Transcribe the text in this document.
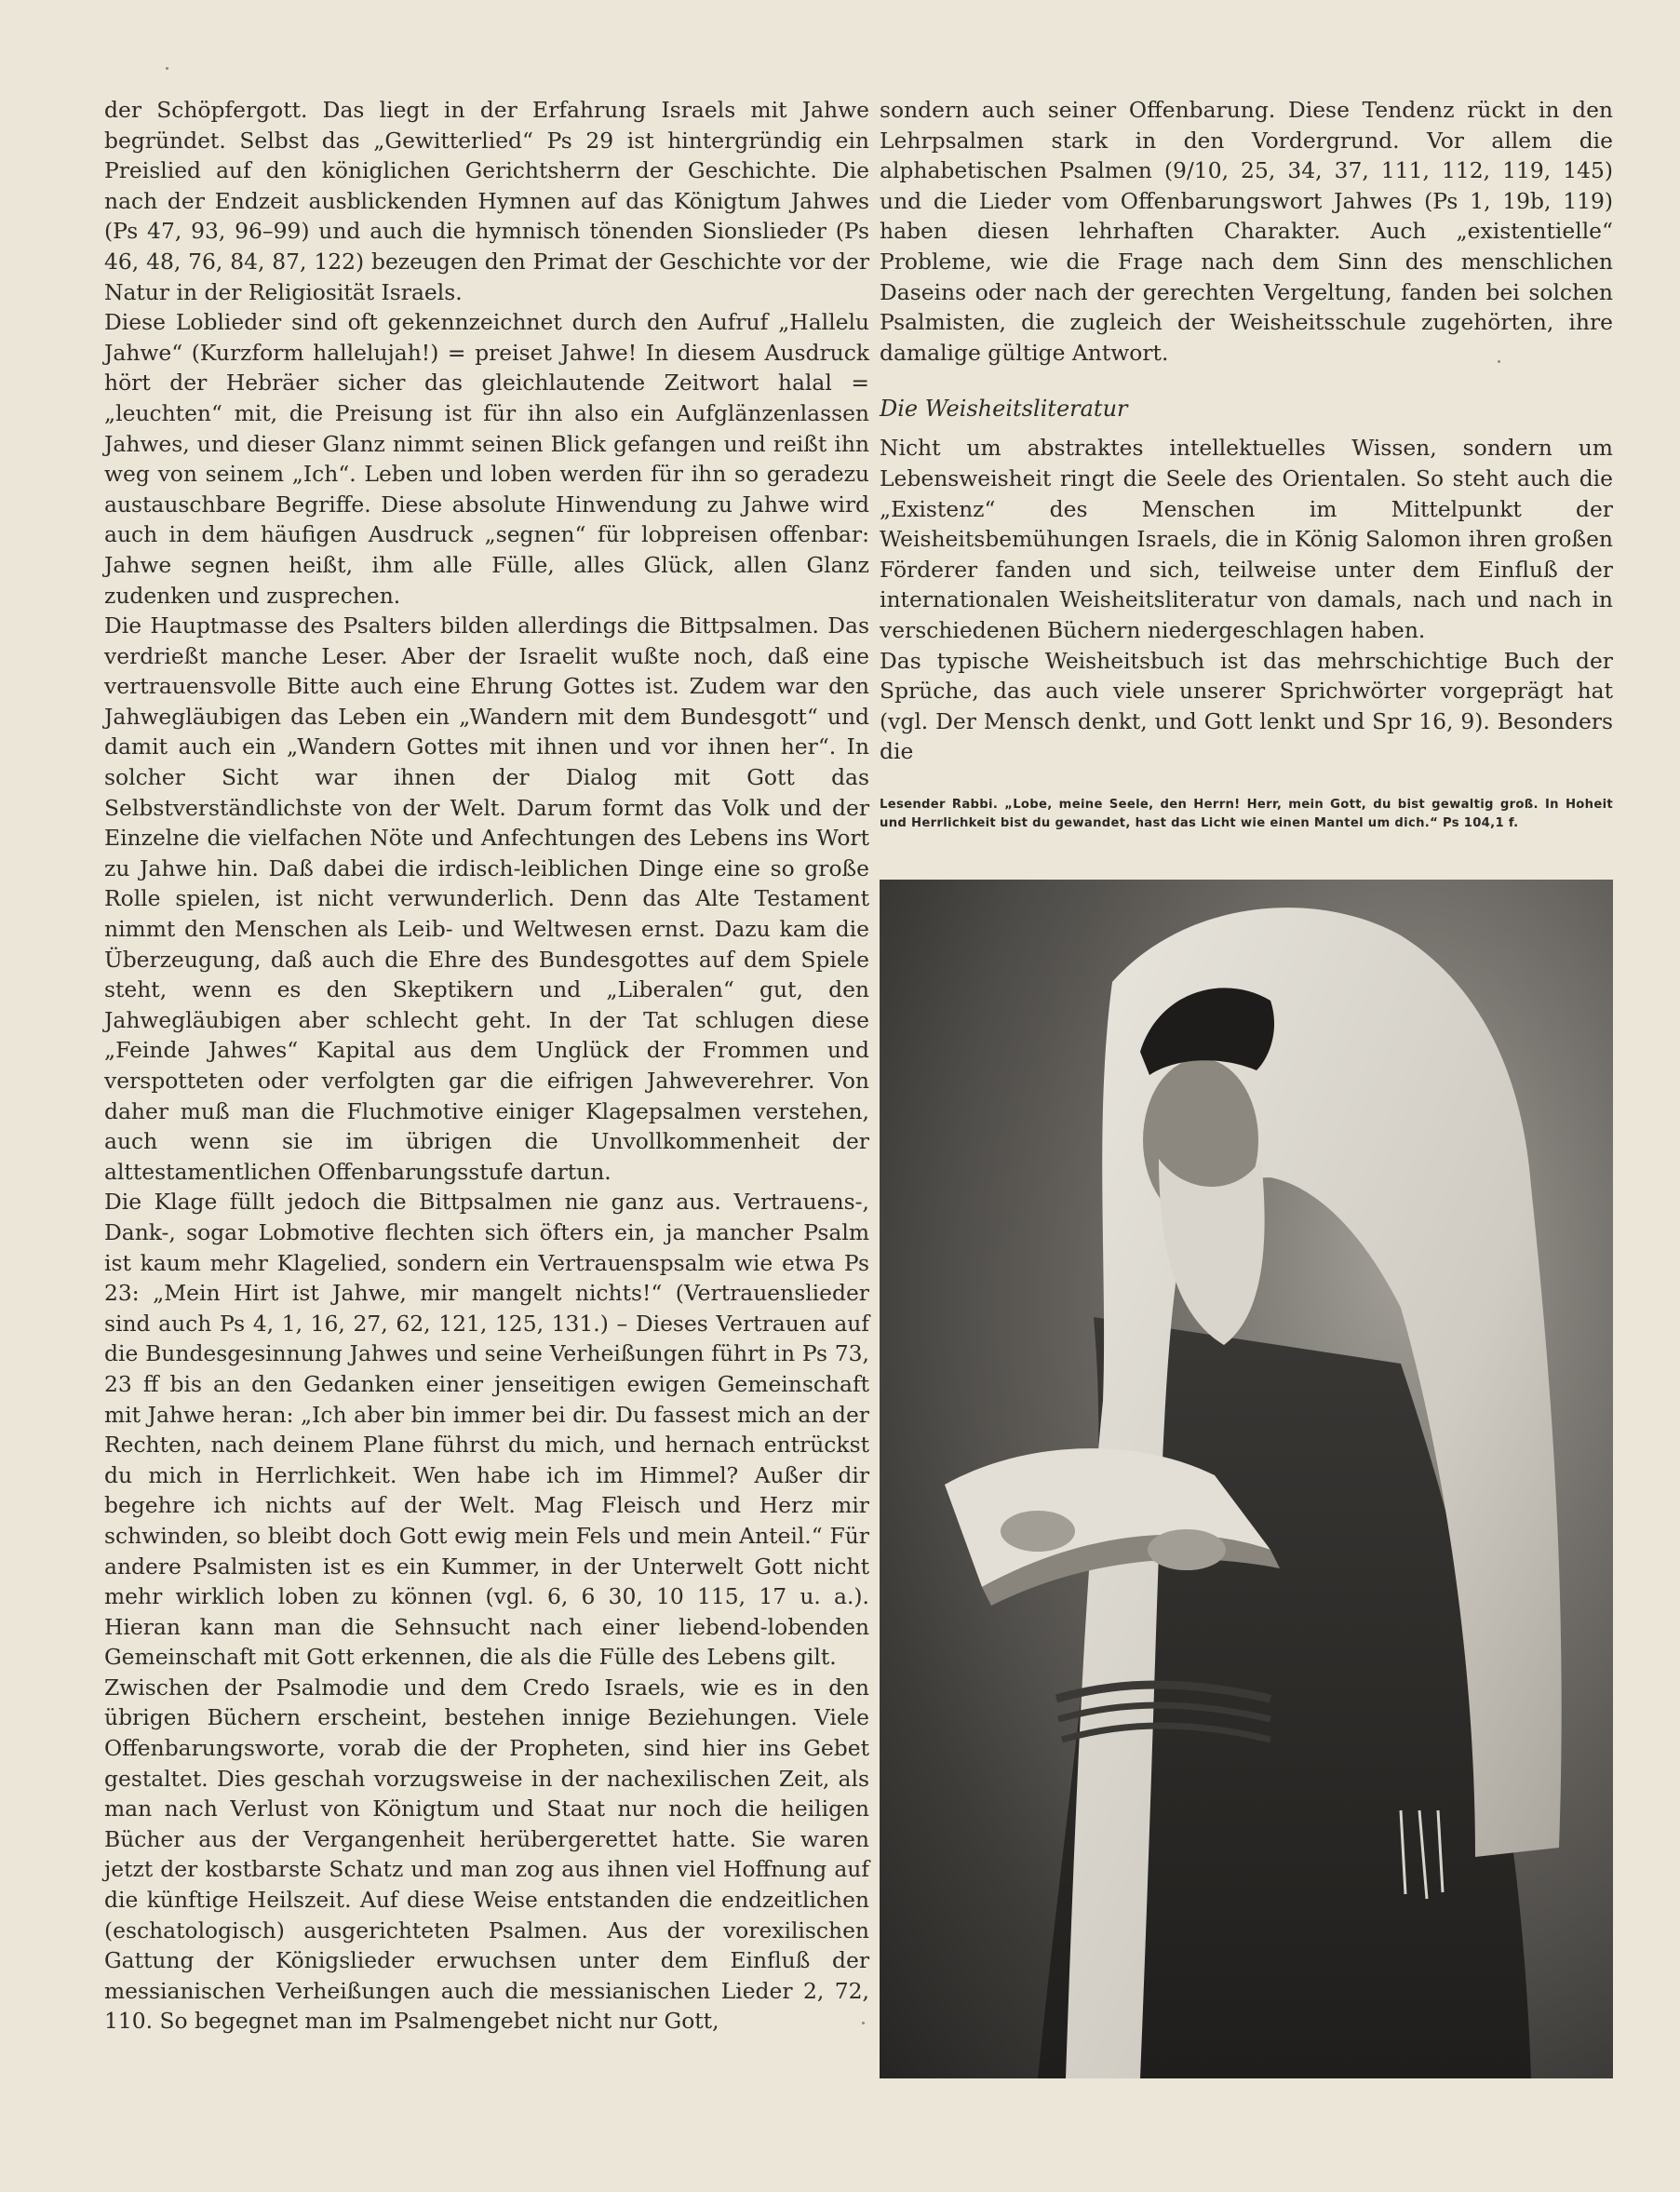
der Schöpfergott. Das liegt in der Erfahrung Israels mit Jahwe begründet. Selbst das „Gewitterlied“ Ps 29 ist hintergründig ein Preislied auf den königlichen Gerichtsherrn der Geschichte. Die nach der Endzeit ausblickenden Hymnen auf das Königtum Jahwes (Ps 47, 93, 96–99) und auch die hymnisch tönenden Sionslieder (Ps 46, 48, 76, 84, 87, 122) bezeugen den Primat der Geschichte vor der Natur in der Religiosität Israels.

Diese Loblieder sind oft gekennzeichnet durch den Aufruf „Hallelu Jahwe“ (Kurzform hallelujah!) = preiset Jahwe! In diesem Ausdruck hört der Hebräer sicher das gleichlautende Zeitwort halal = „leuchten“ mit, die Preisung ist für ihn also ein Aufglänzenlassen Jahwes, und dieser Glanz nimmt seinen Blick gefangen und reißt ihn weg von seinem „Ich“. Leben und loben werden für ihn so geradezu austauschbare Begriffe. Diese absolute Hinwendung zu Jahwe wird auch in dem häufigen Ausdruck „segnen“ für lobpreisen offenbar: Jahwe segnen heißt, ihm alle Fülle, alles Glück, allen Glanz zudenken und zusprechen.

Die Hauptmasse des Psalters bilden allerdings die Bittpsalmen. Das verdrießt manche Leser. Aber der Israelit wußte noch, daß eine vertrauensvolle Bitte auch eine Ehrung Gottes ist. Zudem war den Jahwegläubigen das Leben ein „Wandern mit dem Bundesgott“ und damit auch ein „Wandern Gottes mit ihnen und vor ihnen her“. In solcher Sicht war ihnen der Dialog mit Gott das Selbstverständlichste von der Welt. Darum formt das Volk und der Einzelne die vielfachen Nöte und Anfechtungen des Lebens ins Wort zu Jahwe hin. Daß dabei die irdisch-leiblichen Dinge eine so große Rolle spielen, ist nicht verwunderlich. Denn das Alte Testament nimmt den Menschen als Leib- und Weltwesen ernst. Dazu kam die Überzeugung, daß auch die Ehre des Bundesgottes auf dem Spiele steht, wenn es den Skeptikern und „Liberalen“ gut, den Jahwegläubigen aber schlecht geht. In der Tat schlugen diese „Feinde Jahwes“ Kapital aus dem Unglück der Frommen und verspotteten oder verfolgten gar die eifrigen Jahweverehrer. Von daher muß man die Fluchmotive einiger Klagepsalmen verstehen, auch wenn sie im übrigen die Unvollkommenheit der alttestamentlichen Offenbarungsstufe dartun.

Die Klage füllt jedoch die Bittpsalmen nie ganz aus. Vertrauens-, Dank-, sogar Lobmotive flechten sich öfters ein, ja mancher Psalm ist kaum mehr Klagelied, sondern ein Vertrauenspsalm wie etwa Ps 23: „Mein Hirt ist Jahwe, mir mangelt nichts!“ (Vertrauenslieder sind auch Ps 4, 1, 16, 27, 62, 121, 125, 131.) – Dieses Vertrauen auf die Bundesgesinnung Jahwes und seine Verheißungen führt in Ps 73, 23 ff bis an den Gedanken einer jenseitigen ewigen Gemeinschaft mit Jahwe heran: „Ich aber bin immer bei dir. Du fassest mich an der Rechten, nach deinem Plane führst du mich, und hernach entrückst du mich in Herrlichkeit. Wen habe ich im Himmel? Außer dir begehre ich nichts auf der Welt. Mag Fleisch und Herz mir schwinden, so bleibt doch Gott ewig mein Fels und mein Anteil.“ Für andere Psalmisten ist es ein Kummer, in der Unterwelt Gott nicht mehr wirklich loben zu können (vgl. 6, 6 30, 10 115, 17 u. a.). Hieran kann man die Sehnsucht nach einer liebend-lobenden Gemeinschaft mit Gott erkennen, die als die Fülle des Lebens gilt.

Zwischen der Psalmodie und dem Credo Israels, wie es in den übrigen Büchern erscheint, bestehen innige Beziehungen. Viele Offenbarungsworte, vorab die der Propheten, sind hier ins Gebet gestaltet. Dies geschah vorzugsweise in der nachexilischen Zeit, als man nach Verlust von Königtum und Staat nur noch die heiligen Bücher aus der Vergangenheit herübergerettet hatte. Sie waren jetzt der kostbarste Schatz und man zog aus ihnen viel Hoffnung auf die künftige Heilszeit. Auf diese Weise entstanden die endzeitlichen (eschatologisch) ausgerichteten Psalmen. Aus der vorexilischen Gattung der Königslieder erwuchsen unter dem Einfluß der messianischen Verheißungen auch die messianischen Lieder 2, 72, 110. So begegnet man im Psalmengebet nicht nur Gott,

sondern auch seiner Offenbarung. Diese Tendenz rückt in den Lehrpsalmen stark in den Vordergrund. Vor allem die alphabetischen Psalmen (9/10, 25, 34, 37, 111, 112, 119, 145) und die Lieder vom Offenbarungswort Jahwes (Ps 1, 19b, 119) haben diesen lehrhaften Charakter. Auch „existentielle“ Probleme, wie die Frage nach dem Sinn des menschlichen Daseins oder nach der gerechten Vergeltung, fanden bei solchen Psalmisten, die zugleich der Weisheitsschule zugehörten, ihre damalige gültige Antwort.

Die Weisheitsliteratur

Nicht um abstraktes intellektuelles Wissen, sondern um Lebensweisheit ringt die Seele des Orientalen. So steht auch die „Existenz“ des Menschen im Mittelpunkt der Weisheitsbemühungen Israels, die in König Salomon ihren großen Förderer fanden und sich, teilweise unter dem Einfluß der internationalen Weisheitsliteratur von damals, nach und nach in verschiedenen Büchern niedergeschlagen haben.

Das typische Weisheitsbuch ist das mehrschichtige Buch der Sprüche, das auch viele unserer Sprichwörter vorgeprägt hat (vgl. Der Mensch denkt, und Gott lenkt und Spr 16, 9). Besonders die

Lesender Rabbi. „Lobe, meine Seele, den Herrn! Herr, mein Gott, du bist gewaltig groß. In Hoheit und Herrlichkeit bist du gewandet, hast das Licht wie einen Mantel um dich.“ Ps 104,1 f.
